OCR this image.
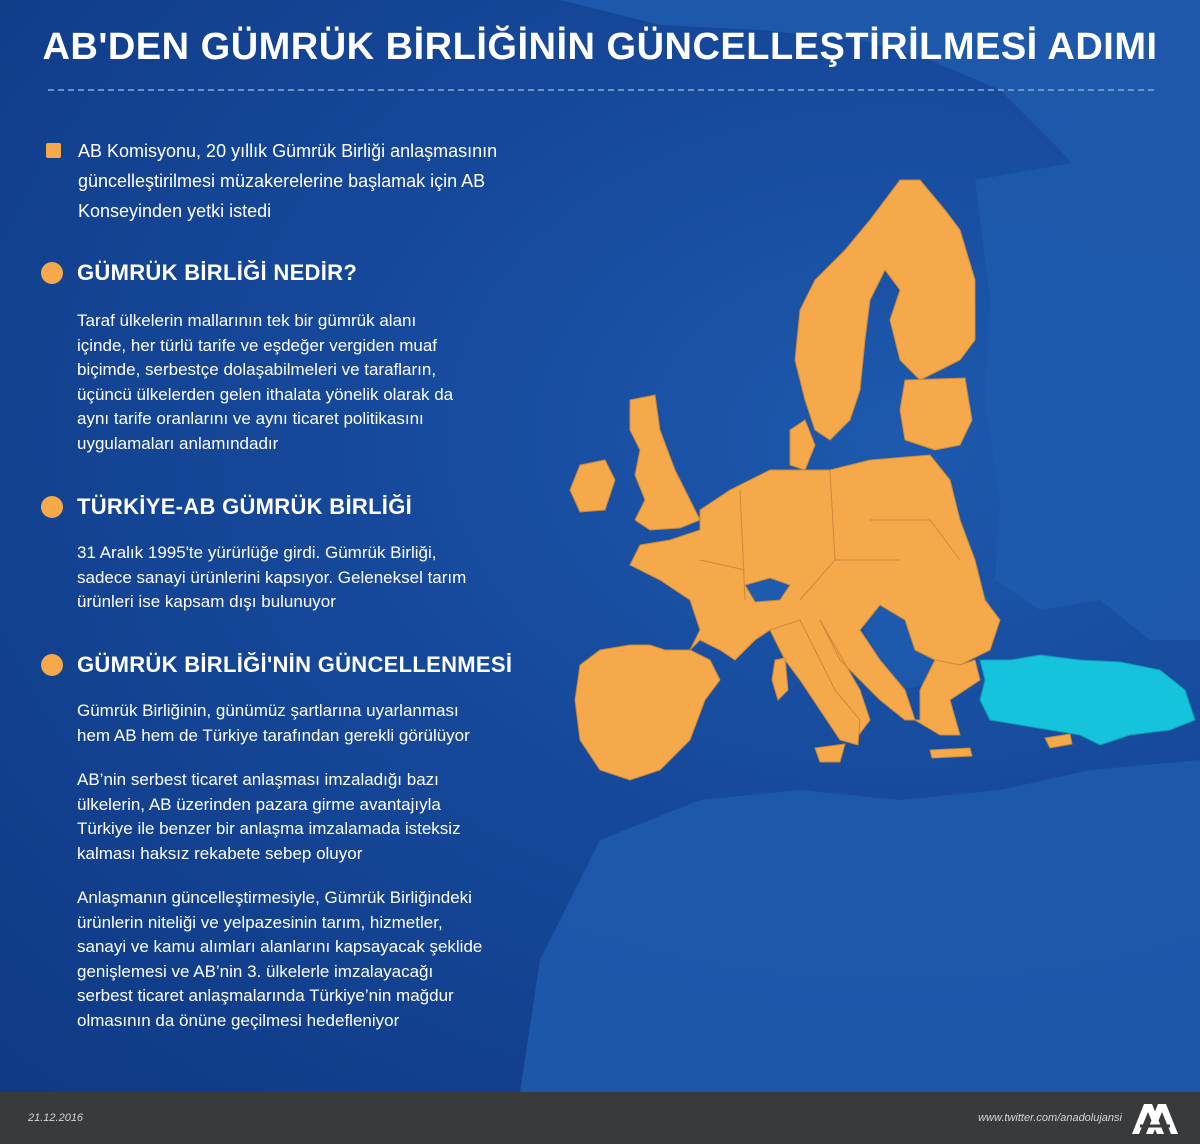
AB'DEN GÜMRÜK BİRLİĞİNİN GÜNCELLEŞTİRİLMESİ ADIMI
AB Komisyonu, 20 yıllık Gümrük Birliği anlaşmasının güncelleştirilmesi müzakerelerine başlamak için AB Konseyinden yetki istedi
GÜMRÜK BİRLİĞİ NEDİR?

Taraf ülkelerin mallarının tek bir gümrük alanı
içinde, her türlü tarife ve eşdeğer vergiden muaf
biçimde, serbestçe dolaşabilmeleri ve tarafların,
üçüncü ülkelerden gelen ithalata yönelik olarak da
aynı tarife oranlarını ve aynı ticaret politikasını
uygulamaları anlamındadır

TÜRKİYE-AB GÜMRÜK BİRLİĞİ

31 Aralık 1995'te yürürlüğe girdi. Gümrük Birliği,
sadece sanayi ürünlerini kapsıyor. Geleneksel tarım
ürünleri ise kapsam dışı bulunuyor

GÜMRÜK BİRLİĞİ'NİN GÜNCELLENMESİ

Gümrük Birliğinin, günümüz şartlarına uyarlanması
hem AB hem de Türkiye tarafından gerekli görülüyor

AB’nin serbest ticaret anlaşması imzaladığı bazı
ülkelerin, AB üzerinden pazara girme avantajıyla
Türkiye ile benzer bir anlaşma imzalamada isteksiz
kalması haksız rekabete sebep oluyor

Anlaşmanın güncelleştirmesiyle, Gümrük Birliğindeki
ürünlerin niteliği ve yelpazesinin tarım, hizmetler,
sanayi ve kamu alımları alanlarını kapsayacak şeklide
genişlemesi ve AB’nin 3. ülkelerle imzalayacağı
serbest ticaret anlaşmalarında Türkiye’nin mağdur
olmasının da önüne geçilmesi hedefleniyor

21.12.2016	www.twitter.com/anadolujansi
